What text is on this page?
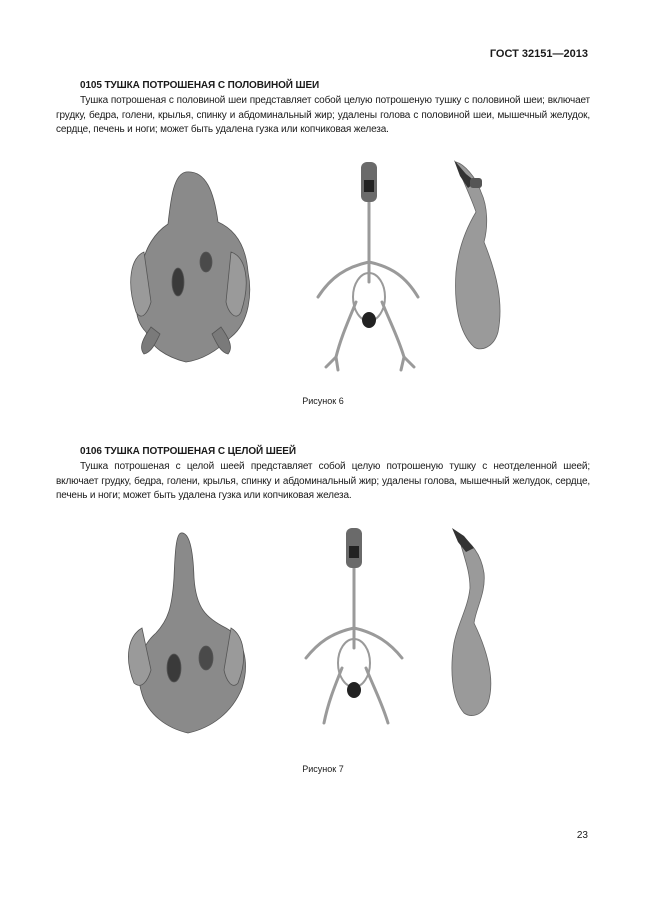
ГОСТ 32151—2013

0105 ТУШКА ПОТРОШЕНАЯ С ПОЛОВИНОЙ ШЕИ

Тушка потрошеная с половиной шеи представляет собой целую потрошеную тушку с половиной шеи; включает грудку, бедра, голени, крылья, спинку и абдоминальный жир; удалены голова с половиной шеи, мышечный желудок, сердце, печень и ноги; может быть удалена гузка или копчиковая железа.

Рисунок 6

0106 ТУШКА ПОТРОШЕНАЯ С ЦЕЛОЙ ШЕЕЙ

Тушка потрошеная с целой шеей представляет собой целую потрошеную тушку с неотделенной шеей; включает грудку, бедра, голени, крылья, спинку и абдоминальный жир; удалены голова, мышечный желудок, сердце, печень и ноги; может быть удалена гузка или копчиковая железа.

Рисунок 7
23
